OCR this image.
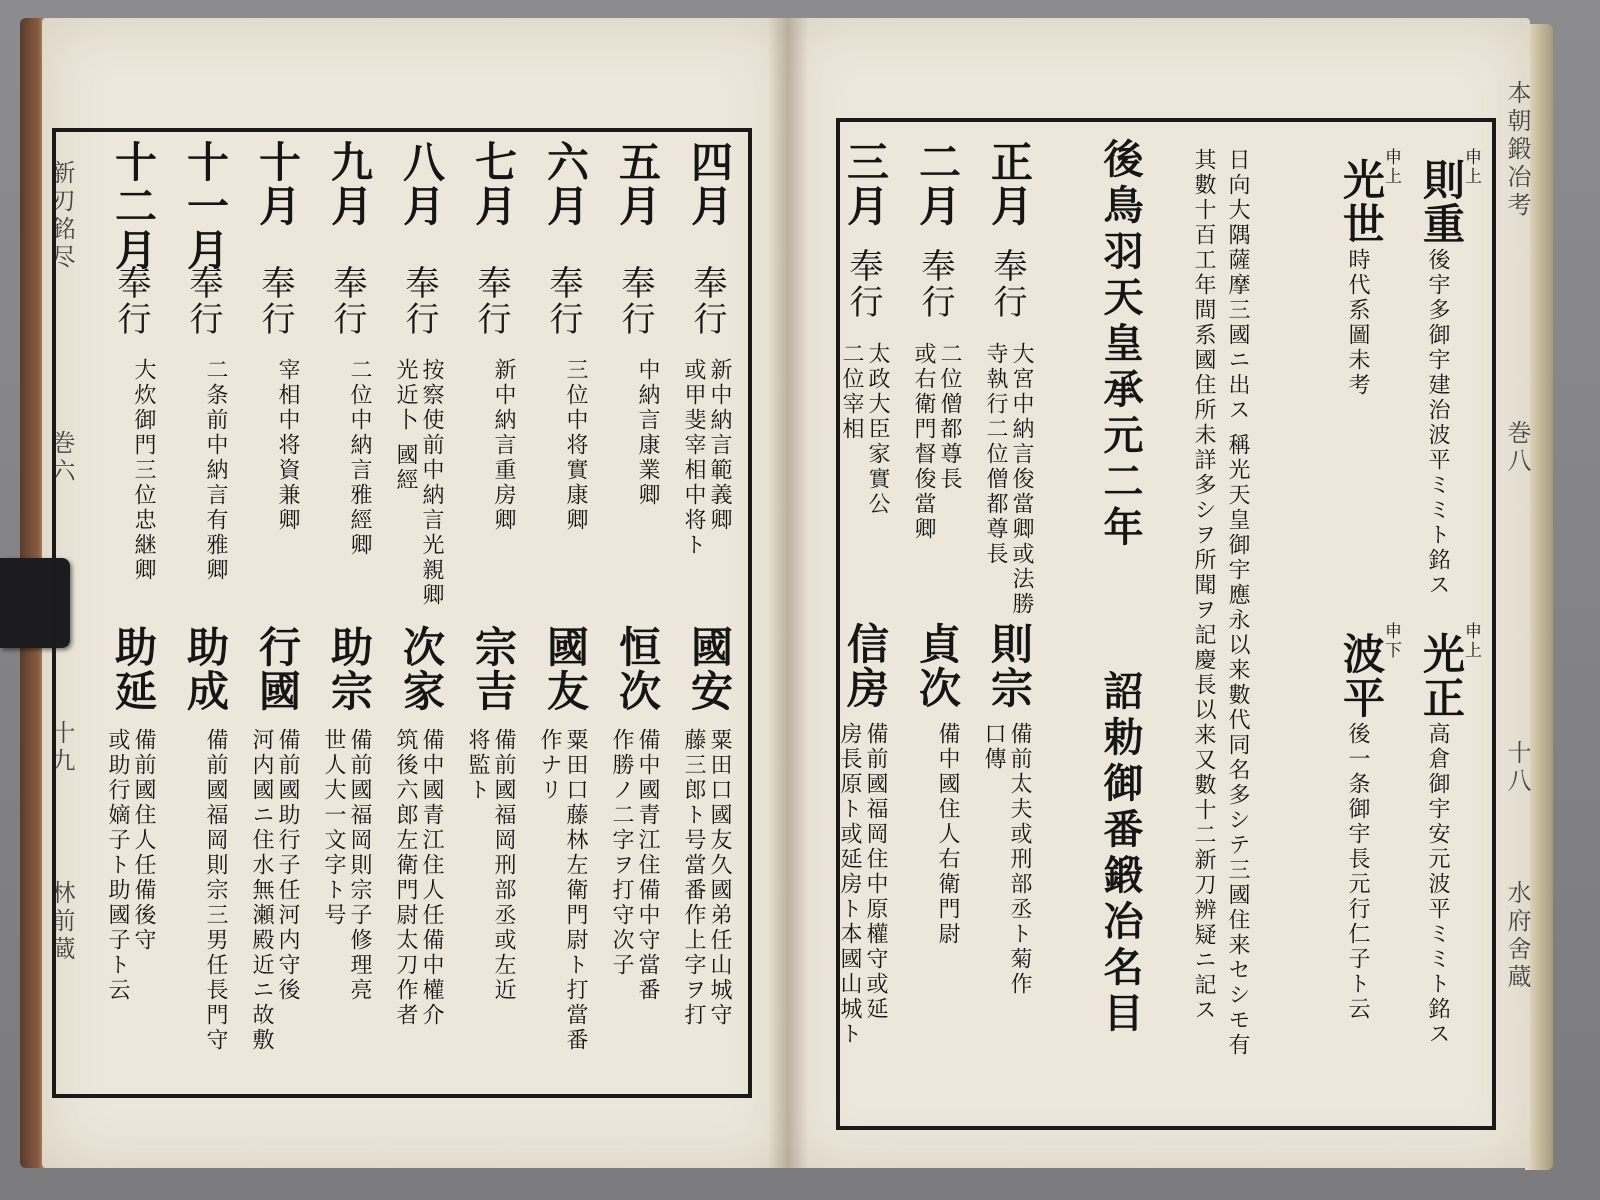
新刃銘尽
巻六
十九
林前蔵
本朝鍛冶考
巻八
十八
水府舍蔵
四月
奉行
新中納言範義卿
或甲斐宰相中将ト
國安
粟田口國友久國弟任山城守
藤三郎ト号當番作上字ヲ打
五月
奉行
中納言康業卿
恒次
備中國青江住備中守當番
作勝ノ二字ヲ打守次子
六月
奉行
三位中将實康卿
國友
粟田口藤林左衛門尉ト打當番
作ナリ
七月
奉行
新中納言重房卿
宗吉
備前國福岡刑部丞或左近
将監ト
八月
奉行
按察使前中納言光親卿
光近卜 國經
次家
備中國青江住人任備中權介
筑後六郎左衛門尉太刀作者
九月
奉行
二位中納言雅經卿
助宗
備前國福岡則宗子修理亮
世人大一文字ト号
十月
奉行
宰相中将資兼卿
行國
備前國助行子任河内守後
河内國ニ住水無瀬殿近ニ故敷
十一月
奉行
二条前中納言有雅卿
助成
備前國福岡則宗三男任長門守
十二月
奉行
大炊御門三位忠継卿
助延
備前國住人任備後守
或助行嫡子ト助國子ト云
申上
則重
後宇多御宇建治波平ミミト銘ス
申上
光世
時代系圖未考
申上
光正
高倉御宇安元波平ミミト銘ス
申下
波平
後一条御宇長元行仁子ト云
日向大隅薩摩三國ニ出ス 稱光天皇御宇應永以来數代同名多シテ三國住来セシモ有
其數十百工年間系國住所未詳多シヲ所聞ヲ記慶長以来又數十二新刀辨疑ニ記ス
後鳥羽天皇承元二年
詔勅御番鍛冶名目
正月
奉行
大宮中納言俊當卿或法勝
寺執行二位僧都尊長
則宗
備前太夫或刑部丞ト菊作
口傳
二月
奉行
二位僧都尊長
或右衛門督俊當卿
貞次
備中國住人右衛門尉
三月
奉行
太政大臣家實公
二位宰相
信房
備前國福岡住中原權守或延
房長原ト或延房ト本國山城ト
